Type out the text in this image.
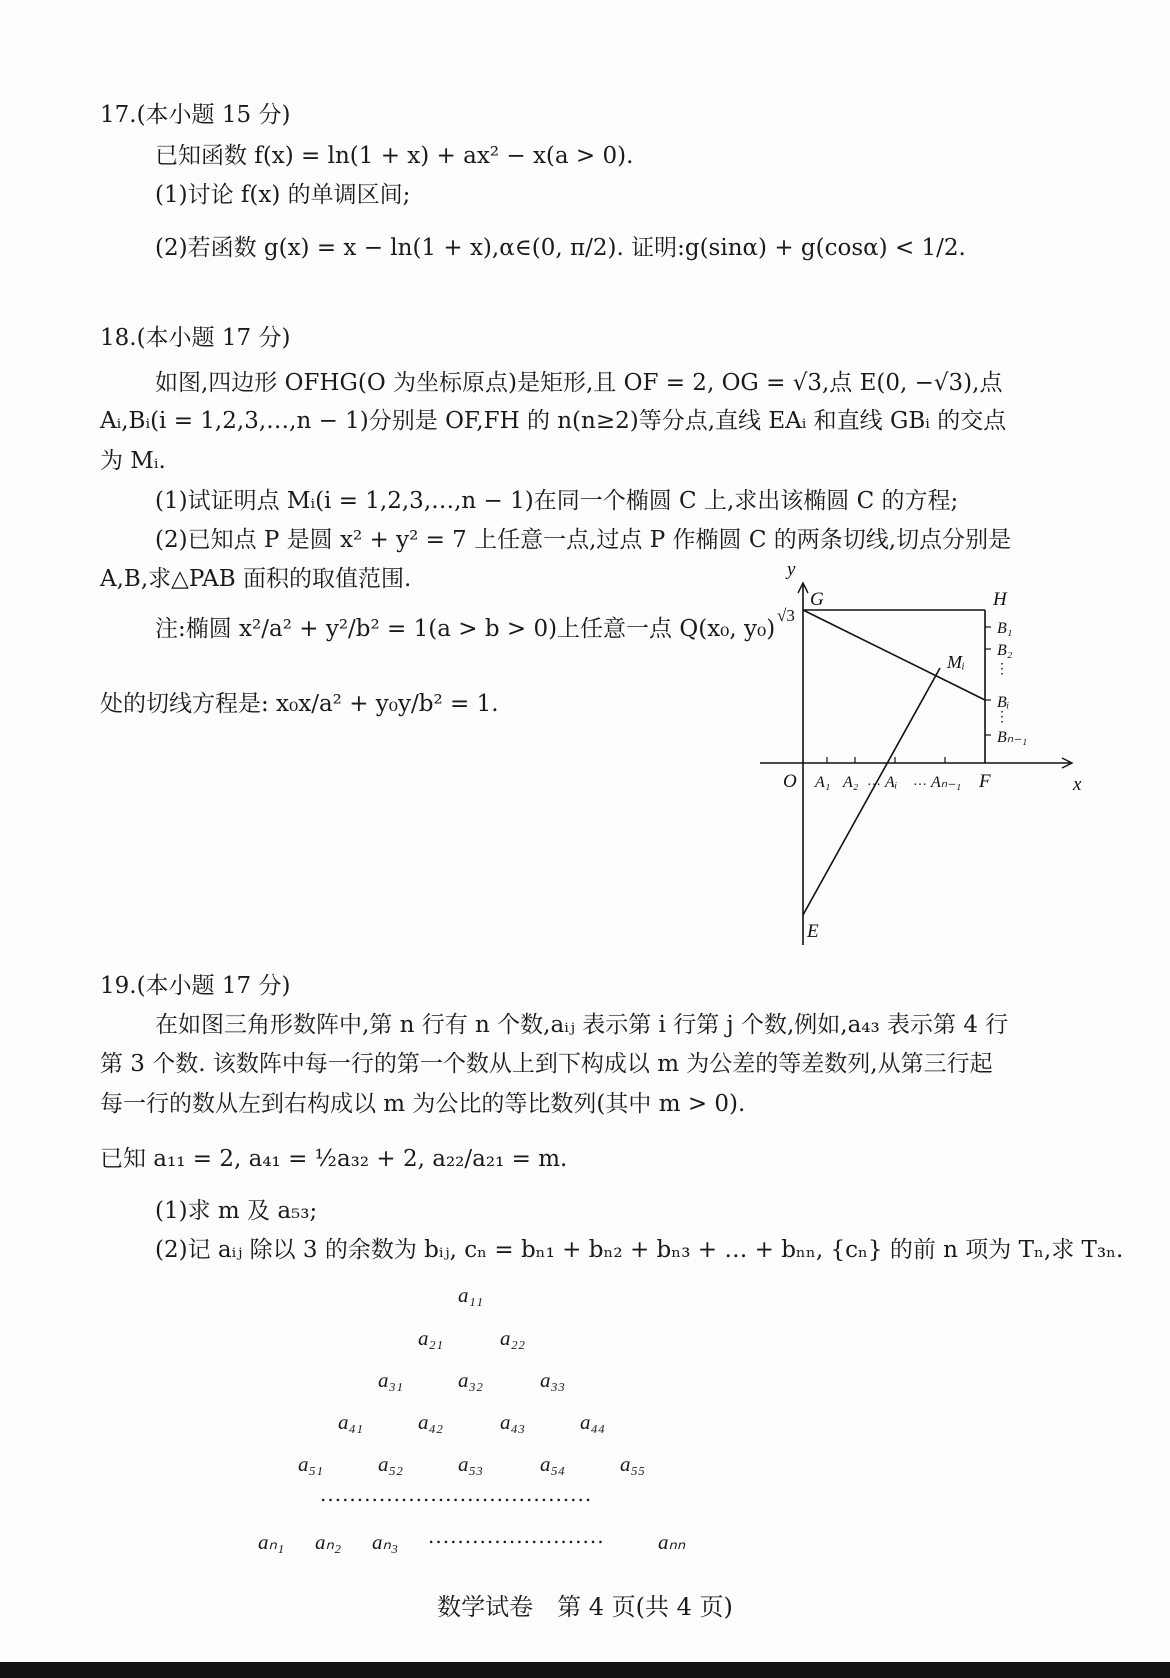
17.(本小题 15 分)
已知函数 f(x) = ln(1 + x) + ax² − x(a > 0).
(1)讨论 f(x) 的单调区间;
(2)若函数 g(x) = x − ln(1 + x),α∈(0, π/2). 证明:g(sinα) + g(cosα) < 1/2.
18.(本小题 17 分)
如图,四边形 OFHG(O 为坐标原点)是矩形,且 OF = 2, OG = √3,点 E(0, −√3),点
Aᵢ,Bᵢ(i = 1,2,3,…,n − 1)分别是 OF,FH 的 n(n≥2)等分点,直线 EAᵢ 和直线 GBᵢ 的交点
为 Mᵢ.
(1)试证明点 Mᵢ(i = 1,2,3,…,n − 1)在同一个椭圆 C 上,求出该椭圆 C 的方程;
(2)已知点 P 是圆 x² + y² = 7 上任意一点,过点 P 作椭圆 C 的两条切线,切点分别是
A,B,求△PAB 面积的取值范围.
注:椭圆 x²/a² + y²/b² = 1(a > b > 0)上任意一点 Q(x₀, y₀)
处的切线方程是: x₀x/a² + y₀y/b² = 1.
⋮
⋮
y
x
G	H
√3
B₁
B₂
Bᵢ
Bₙ₋₁
Mᵢ
O A₁ A₂ … Aᵢ … Aₙ₋₁ F
E
19.(本小题 17 分)
在如图三角形数阵中,第 n 行有 n 个数,aᵢⱼ 表示第 i 行第 j 个数,例如,a₄₃ 表示第 4 行
第 3 个数. 该数阵中每一行的第一个数从上到下构成以 m 为公差的等差数列,从第三行起
每一行的数从左到右构成以 m 为公比的等比数列(其中 m > 0).
已知 a₁₁ = 2, a₄₁ = ½a₃₂ + 2, a₂₂/a₂₁ = m.
(1)求 m 及 a₅₃;
(2)记 aᵢⱼ 除以 3 的余数为 bᵢⱼ, cₙ = bₙ₁ + bₙ₂ + bₙ₃ + … + bₙₙ, {cₙ} 的前 n 项为 Tₙ,求 T₃ₙ.
a₁₁
a₂₁	a₂₂
a₃₁	a₃₂	a₃₃
a₄₁	a₄₂	a₄₃	a₄₄
a₅₁	a₅₂	a₅₃	a₅₄	a₅₅
.....................................
aₙ₁ aₙ₂ aₙ₃ ........................	aₙₙ
数学试卷　第 4 页(共 4 页)
